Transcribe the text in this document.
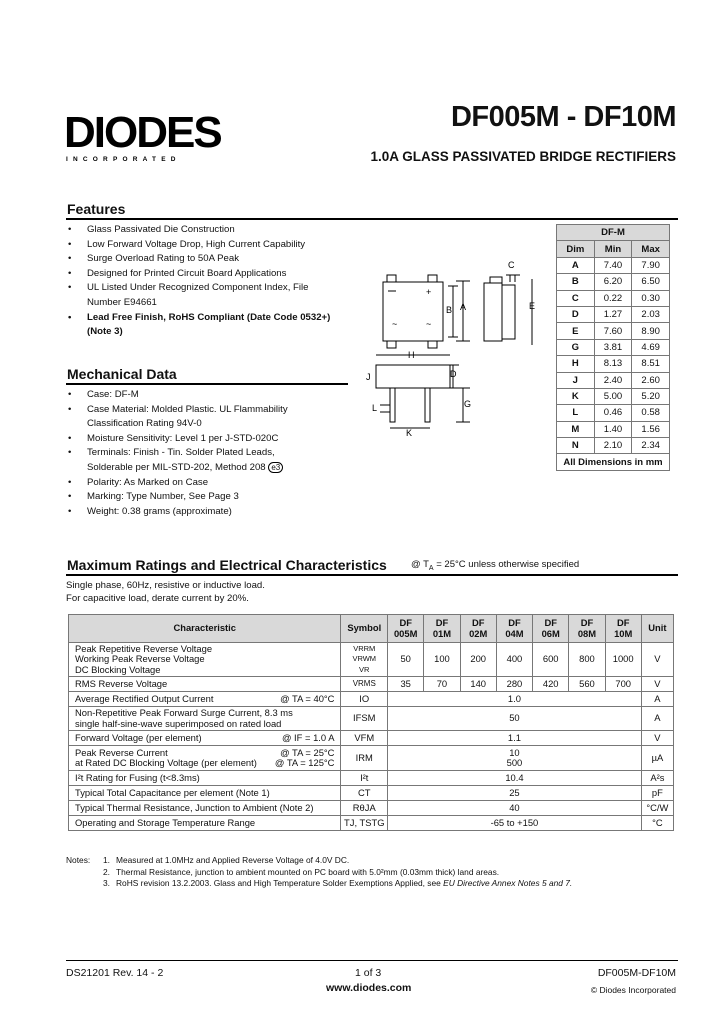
DIODES
INCORPORATED
DF005M - DF10M
1.0A GLASS PASSIVATED BRIDGE RECTIFIERS
Features
• Glass Passivated Die Construction
• Low Forward Voltage Drop, High Current Capability
• Surge Overload Rating to 50A Peak
• Designed for Printed Circuit Board Applications
• UL Listed Under Recognized Component Index, File Number E94661
• Lead Free Finish, RoHS Compliant (Date Code 0532+) (Note 3)
Mechanical Data
• Case: DF-M
• Case Material: Molded Plastic. UL Flammability Classification Rating 94V-0
• Moisture Sensitivity: Level 1 per J-STD-020C
• Terminals: Finish - Tin. Solder Plated Leads, Solderable per MIL-STD-202, Method 208 e3
• Polarity: As Marked on Case
• Marking: Type Number, See Page 3
• Weight: 0.38 grams (approximate)
+
~	~
B A
C
E
H
D
J
G
L
K
DF-M		
Dim	Min	Max
A	7.40	7.90
B	6.20	6.50
C	0.22	0.30
D	1.27	2.03
E	7.60	8.90
G	3.81	4.69
H	8.13	8.51
J	2.40	2.60
K	5.00	5.20
L	0.46	0.58
M	1.40	1.56
N	2.10	2.34
All Dimensions in mm		
Maximum Ratings and Electrical Characteristics	@ $T_A = 25^\circ C$ unless otherwise specified
Single phase, 60Hz, resistive or inductive load.
For capacitive load, derate current by 20%.
Characteristic	Symbol	DF 005M	DF 01M	DF 02M	DF 04M	DF 06M	DF 08M	DF 10M	Unit
Peak Repetitive Reverse Voltage
Working Peak Reverse Voltage
DC Blocking Voltage	VRRM
VRWM
VR	50	100	200	400	600	800	1000	V
RMS Reverse Voltage	VRMS	35	70	140	280	420	560	700	V
Average Rectified Output Current @ TA = 40°C	IO	1.0							A
Non-Repetitive Peak Forward Surge Current, 8.3 ms
single half-sine-wave superimposed on rated load	IFSM	50							A
Forward Voltage (per element) @ IF = 1.0 A	VFM	1.1							V

Peak Reverse Current
at Rated DC Blocking Voltage (per element)
@ TA = 25°C
@ TA = 125°C	IRM	10
500							µA
I²t Rating for Fusing (t<8.3ms)	I²t	10.4							A²s
Typical Total Capacitance per element (Note 1)	CT	25							pF
Typical Thermal Resistance, Junction to Ambient (Note 2)	RθJA	40							°C/W
Operating and Storage Temperature Range	TJ, TSTG	-65 to +150							°C
Notes: 1. Measured at 1.0MHz and Applied Reverse Voltage of 4.0V DC.
2. Thermal Resistance, junction to ambient mounted on PC board with 5.0²mm (0.03mm thick) land areas.
3. RoHS revision 13.2.2003. Glass and High Temperature Solder Exemptions Applied, see EU Directive Annex Notes 5 and 7.
DS21201 Rev. 14 - 2	1 of 3
www.diodes.com
DF005M-DF10M
© Diodes Incorporated
